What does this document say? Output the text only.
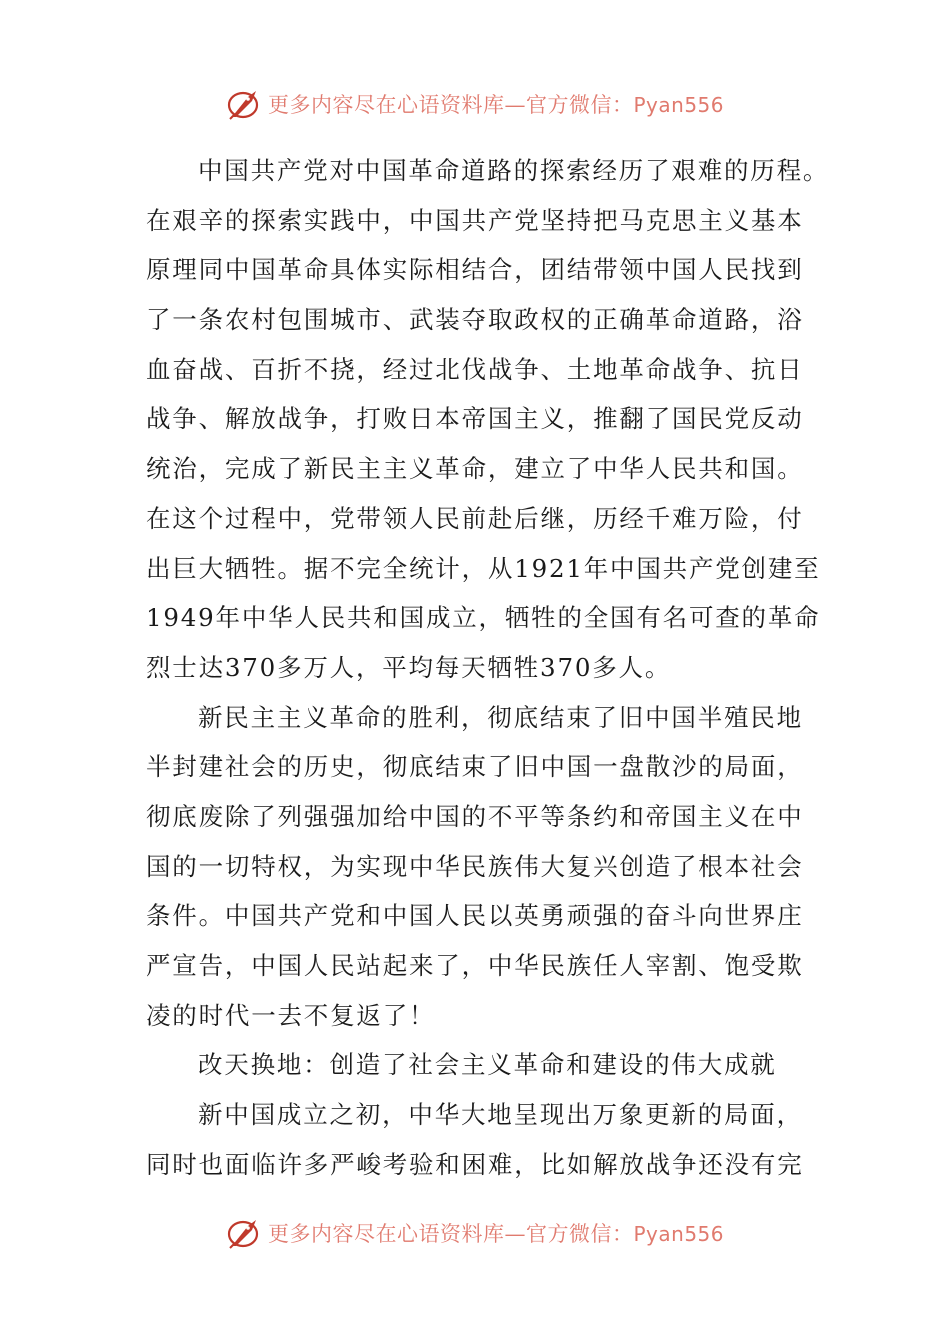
更多内容尽在心语资料库—官方微信：Pyan556
中国共产党对中国革命道路的探索经历了艰难的历程。
在艰辛的探索实践中，中国共产党坚持把马克思主义基本
原理同中国革命具体实际相结合，团结带领中国人民找到
了一条农村包围城市、武装夺取政权的正确革命道路，浴
血奋战、百折不挠，经过北伐战争、土地革命战争、抗日
战争、解放战争，打败日本帝国主义，推翻了国民党反动
统治，完成了新民主主义革命，建立了中华人民共和国。
在这个过程中，党带领人民前赴后继，历经千难万险，付
出巨大牺牲。据不完全统计，从1921年中国共产党创建至
1949年中华人民共和国成立，牺牲的全国有名可查的革命
烈士达370多万人，平均每天牺牲370多人。
新民主主义革命的胜利，彻底结束了旧中国半殖民地
半封建社会的历史，彻底结束了旧中国一盘散沙的局面，
彻底废除了列强强加给中国的不平等条约和帝国主义在中
国的一切特权，为实现中华民族伟大复兴创造了根本社会
条件。中国共产党和中国人民以英勇顽强的奋斗向世界庄
严宣告，中国人民站起来了，中华民族任人宰割、饱受欺
凌的时代一去不复返了！
改天换地：创造了社会主义革命和建设的伟大成就
新中国成立之初，中华大地呈现出万象更新的局面，
同时也面临许多严峻考验和困难，比如解放战争还没有完
更多内容尽在心语资料库—官方微信：Pyan556
